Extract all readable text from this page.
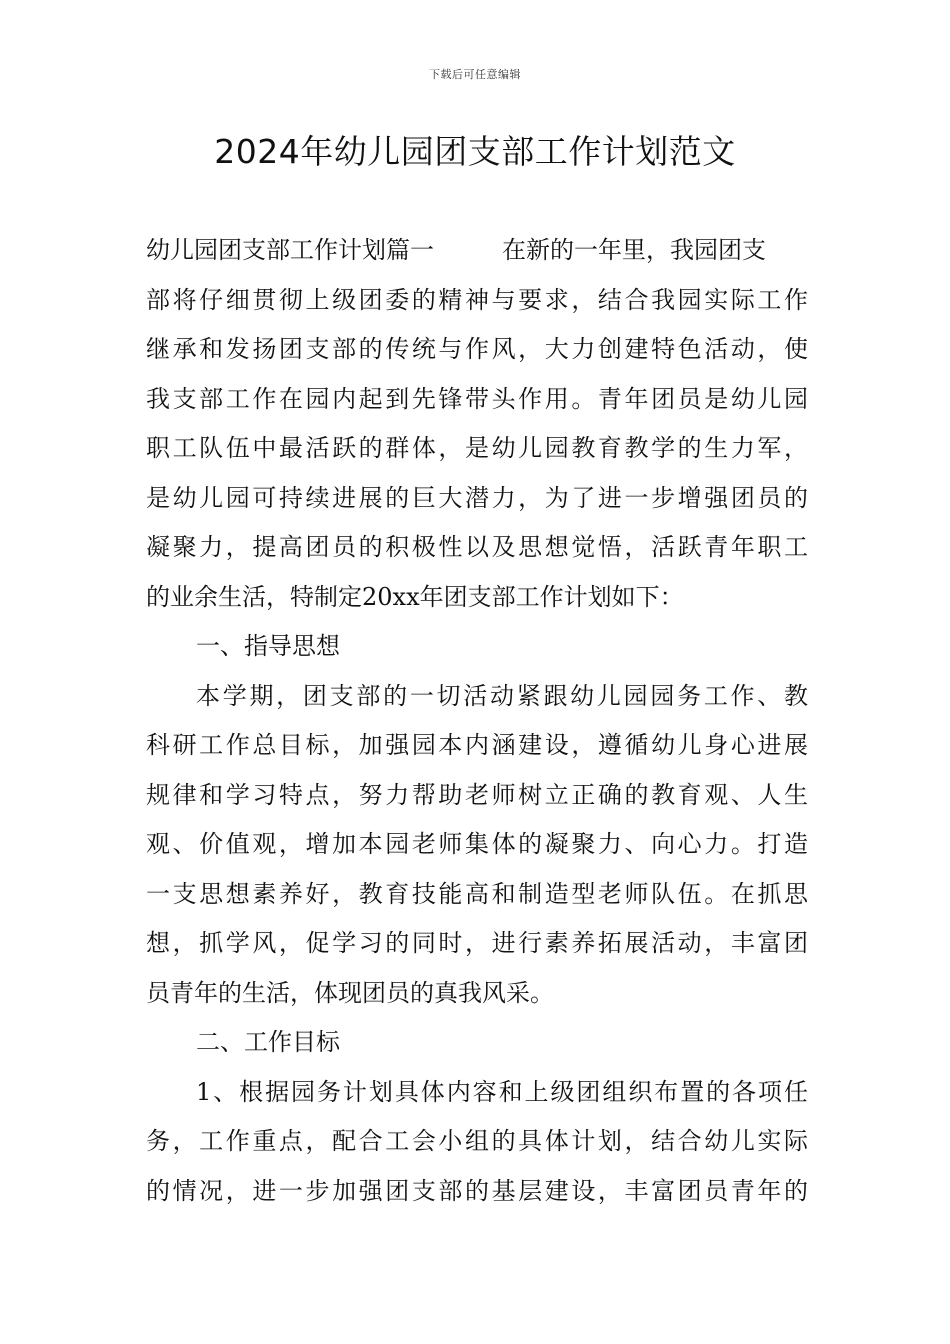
下载后可任意编辑
2024年幼儿园团支部工作计划范文
幼儿园团支部工作计划篇一	在新的一年里，我园团支
部将仔细贯彻上级团委的精神与要求，结合我园实际工作
继承和发扬团支部的传统与作风，大力创建特色活动，使
我支部工作在园内起到先锋带头作用。青年团员是幼儿园
职工队伍中最活跃的群体，是幼儿园教育教学的生力军，
是幼儿园可持续进展的巨大潜力，为了进一步增强团员的
凝聚力，提高团员的积极性以及思想觉悟，活跃青年职工
的业余生活，特制定20xx年团支部工作计划如下：
一、指导思想
本学期，团支部的一切活动紧跟幼儿园园务工作、教
科研工作总目标，加强园本内涵建设，遵循幼儿身心进展
规律和学习特点，努力帮助老师树立正确的教育观、人生
观、价值观，增加本园老师集体的凝聚力、向心力。打造
一支思想素养好，教育技能高和制造型老师队伍。在抓思
想，抓学风，促学习的同时，进行素养拓展活动，丰富团
员青年的生活，体现团员的真我风采。
二、工作目标
1、根据园务计划具体内容和上级团组织布置的各项任
务，工作重点，配合工会小组的具体计划，结合幼儿实际
的情况，进一步加强团支部的基层建设，丰富团员青年的
